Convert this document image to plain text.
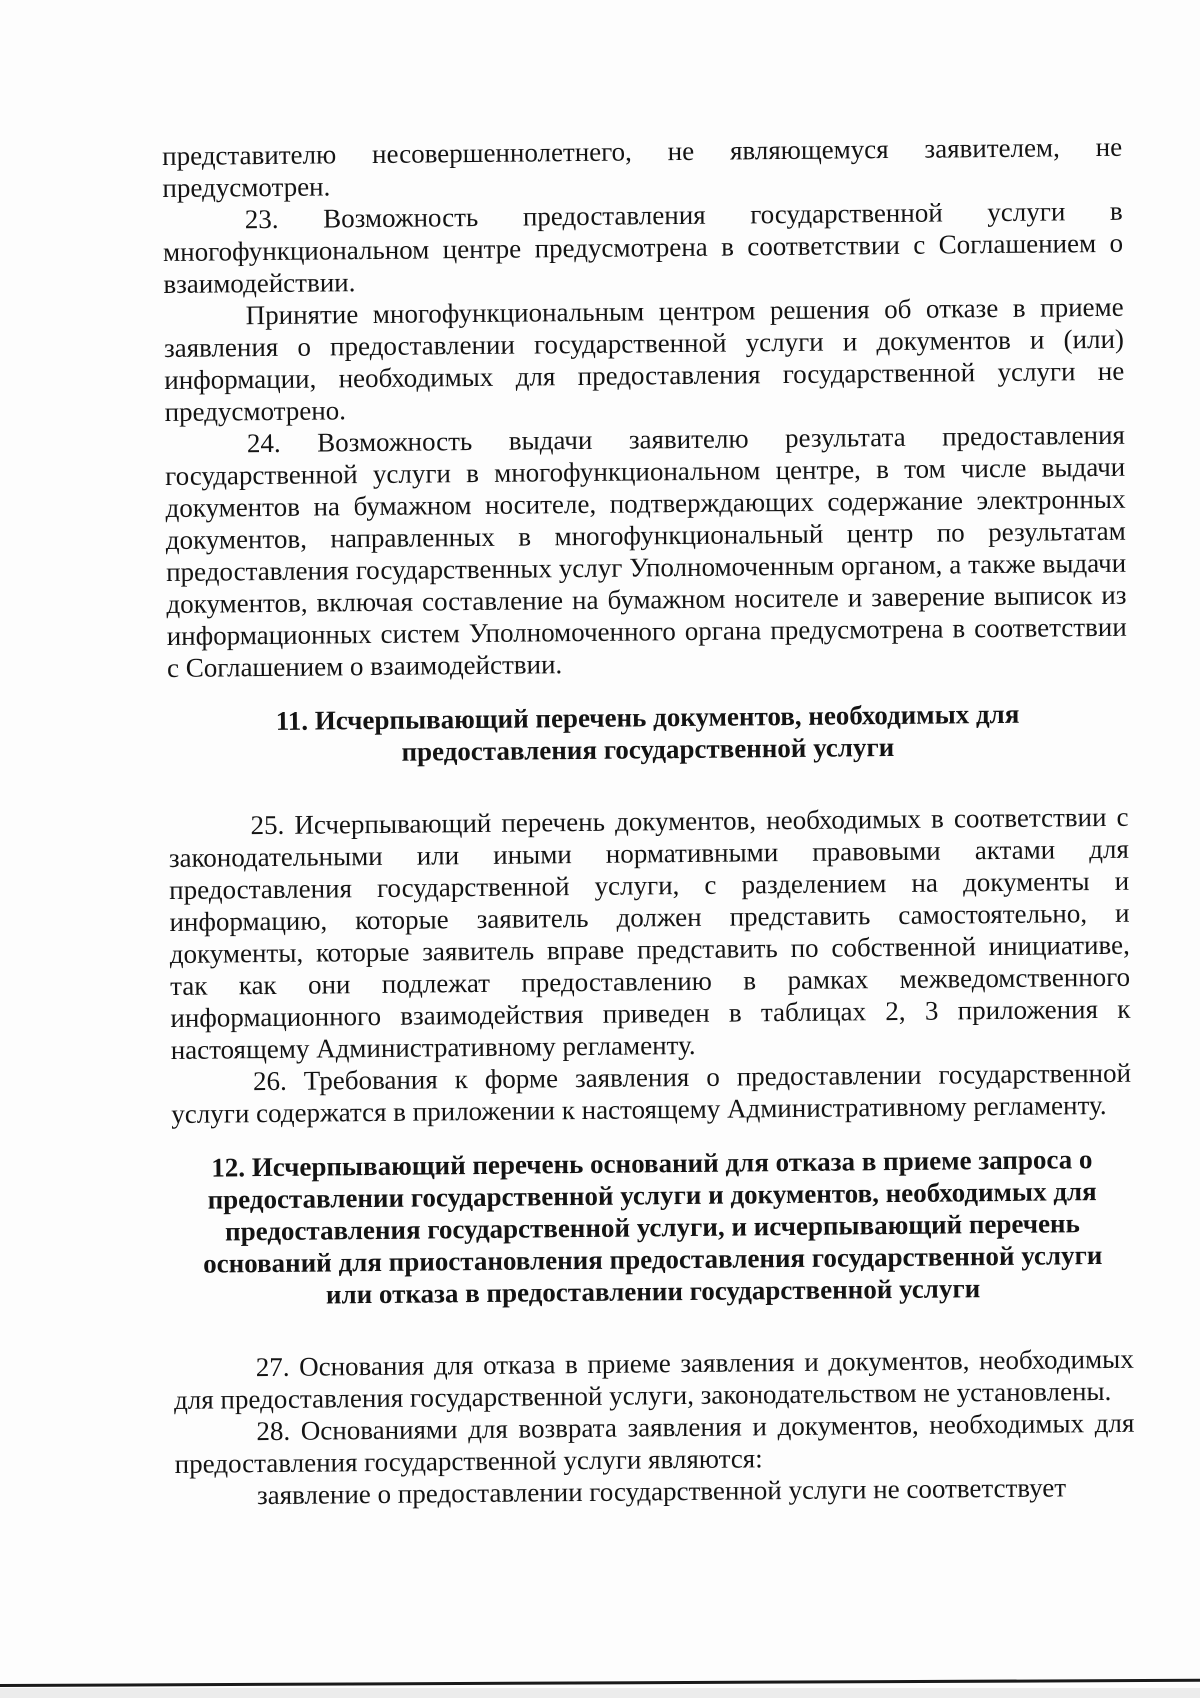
представителю несовершеннолетнего, не являющемуся заявителем, не предусмотрен.

23. Возможность предоставления государственной услуги в многофункциональном центре предусмотрена в соответствии с Соглашением о взаимодействии.

Принятие многофункциональным центром решения об отказе в приеме заявления о предоставлении государственной услуги и документов и (или) информации, необходимых для предоставления государственной услуги не предусмотрено.

24. Возможность выдачи заявителю результата предоставления государственной услуги в многофункциональном центре, в том числе выдачи документов на бумажном носителе, подтверждающих содержание электронных документов, направленных в многофункциональный центр по результатам предоставления государственных услуг Уполномоченным органом, а также выдачи документов, включая составление на бумажном носителе и заверение выписок из информационных систем Уполномоченного органа предусмотрена в соответствии с Соглашением о взаимодействии.

11. Исчерпывающий перечень документов, необходимых для предоставления государственной услуги

25. Исчерпывающий перечень документов, необходимых в соответствии с законодательными или иными нормативными правовыми актами для предоставления государственной услуги, с разделением на документы и информацию, которые заявитель должен представить самостоятельно, и документы, которые заявитель вправе представить по собственной инициативе, так как они подлежат предоставлению в рамках межведомственного информационного взаимодействия приведен в таблицах 2, 3 приложения к настоящему Административному регламенту.

26. Требования к форме заявления о предоставлении государственной услуги содержатся в приложении к настоящему Административному регламенту.

12. Исчерпывающий перечень оснований для отказа в приеме запроса о предоставлении государственной услуги и документов, необходимых для предоставления государственной услуги, и исчерпывающий перечень оснований для приостановления предоставления государственной услуги или отказа в предоставлении государственной услуги

27. Основания для отказа в приеме заявления и документов, необходимых для предоставления государственной услуги, законодательством не установлены.

28. Основаниями для возврата заявления и документов, необходимых для предоставления государственной услуги являются:

заявление о предоставлении государственной услуги не соответствует
